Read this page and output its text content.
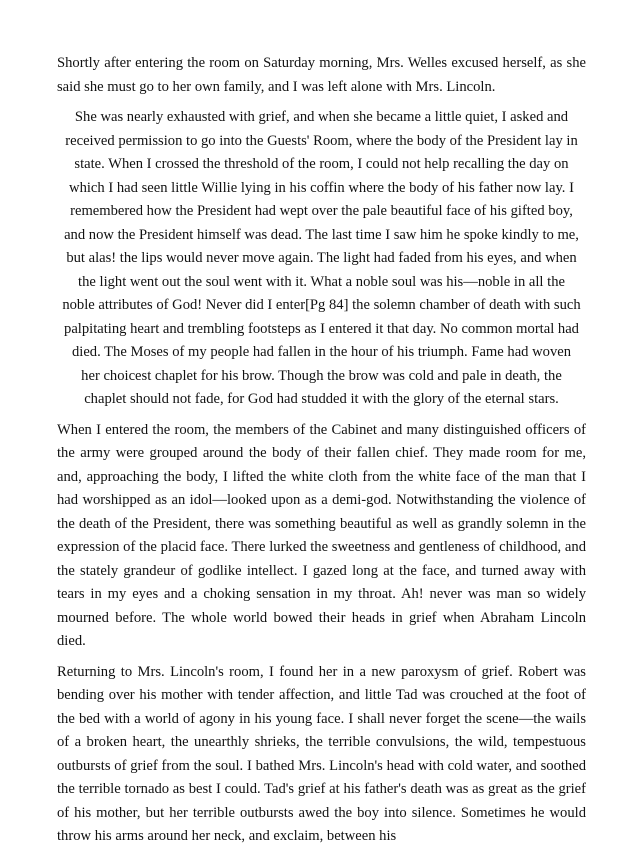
Shortly after entering the room on Saturday morning, Mrs. Welles excused herself, as she said she must go to her own family, and I was left alone with Mrs. Lincoln.

She was nearly exhausted with grief, and when she became a little quiet, I asked and
received permission to go into the Guests' Room, where the body of the President lay in
state. When I crossed the threshold of the room, I could not help recalling the day on
which I had seen little Willie lying in his coffin where the body of his father now lay. I
remembered how the President had wept over the pale beautiful face of his gifted boy,
and now the President himself was dead. The last time I saw him he spoke kindly to me,
but alas! the lips would never move again. The light had faded from his eyes, and when
the light went out the soul went with it. What a noble soul was his—noble in all the
noble attributes of God! Never did I enter[Pg 84] the solemn chamber of death with such
palpitating heart and trembling footsteps as I entered it that day. No common mortal had
died. The Moses of my people had fallen in the hour of his triumph. Fame had woven
her choicest chaplet for his brow. Though the brow was cold and pale in death, the
chaplet should not fade, for God had studded it with the glory of the eternal stars.

When I entered the room, the members of the Cabinet and many distinguished officers of the army were grouped around the body of their fallen chief. They made room for me, and, approaching the body, I lifted the white cloth from the white face of the man that I had worshipped as an idol—looked upon as a demi-god. Notwithstanding the violence of the death of the President, there was something beautiful as well as grandly solemn in the expression of the placid face. There lurked the sweetness and gentleness of childhood, and the stately grandeur of godlike intellect. I gazed long at the face, and turned away with tears in my eyes and a choking sensation in my throat. Ah! never was man so widely mourned before. The whole world bowed their heads in grief when Abraham Lincoln died.

Returning to Mrs. Lincoln's room, I found her in a new paroxysm of grief. Robert was bending over his mother with tender affection, and little Tad was crouched at the foot of the bed with a world of agony in his young face. I shall never forget the scene—the wails of a broken heart, the unearthly shrieks, the terrible convulsions, the wild, tempestuous outbursts of grief from the soul. I bathed Mrs. Lincoln's head with cold water, and soothed the terrible tornado as best I could. Tad's grief at his father's death was as great as the grief of his mother, but her terrible outbursts awed the boy into silence. Sometimes he would throw his arms around her neck, and exclaim, between his
